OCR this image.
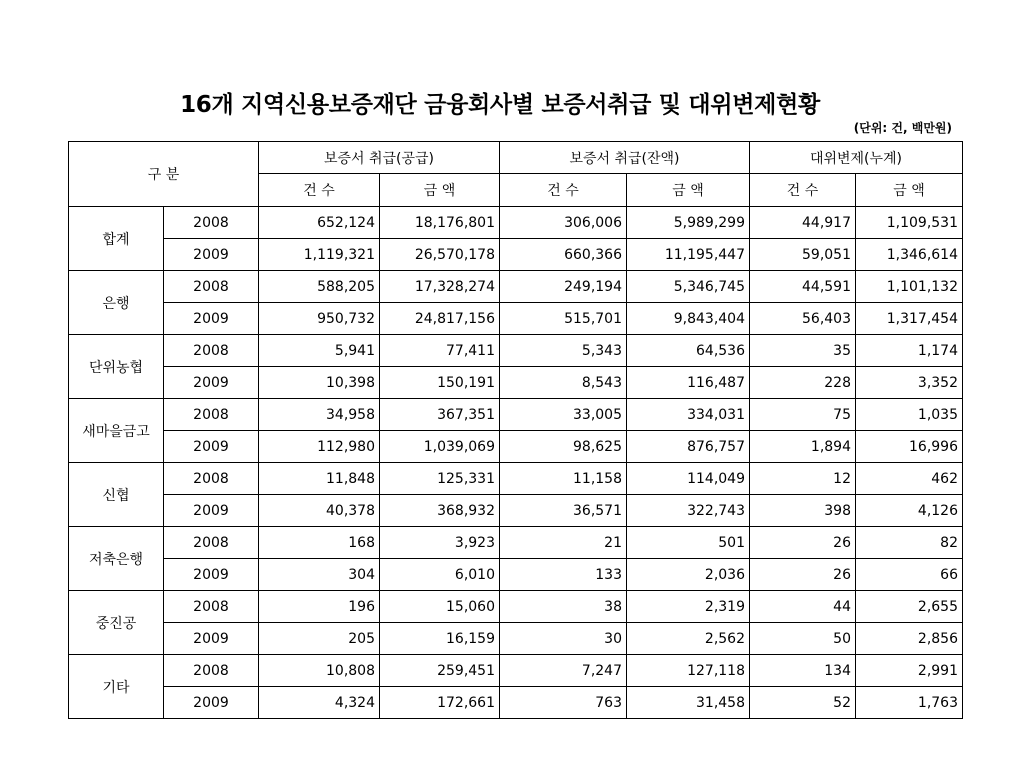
16개 지역신용보증재단 금융회사별 보증서취급 및 대위변제현황
(단위: 건, 백만원)
구 분		보증서 취급(공급)		보증서 취급(잔액)		대위변제(누계)	
		건 수	금 액	건 수	금 액	건 수	금 액
합계	2008	652,124	18,176,801	306,006	5,989,299	44,917	1,109,531
	2009	1,119,321	26,570,178	660,366	11,195,447	59,051	1,346,614
은행	2008	588,205	17,328,274	249,194	5,346,745	44,591	1,101,132
	2009	950,732	24,817,156	515,701	9,843,404	56,403	1,317,454
단위농협	2008	5,941	77,411	5,343	64,536	35	1,174
	2009	10,398	150,191	8,543	116,487	228	3,352
새마을금고	2008	34,958	367,351	33,005	334,031	75	1,035
	2009	112,980	1,039,069	98,625	876,757	1,894	16,996
신협	2008	11,848	125,331	11,158	114,049	12	462
	2009	40,378	368,932	36,571	322,743	398	4,126
저축은행	2008	168	3,923	21	501	26	82
	2009	304	6,010	133	2,036	26	66
중진공	2008	196	15,060	38	2,319	44	2,655
	2009	205	16,159	30	2,562	50	2,856
기타	2008	10,808	259,451	7,247	127,118	134	2,991
	2009	4,324	172,661	763	31,458	52	1,763
